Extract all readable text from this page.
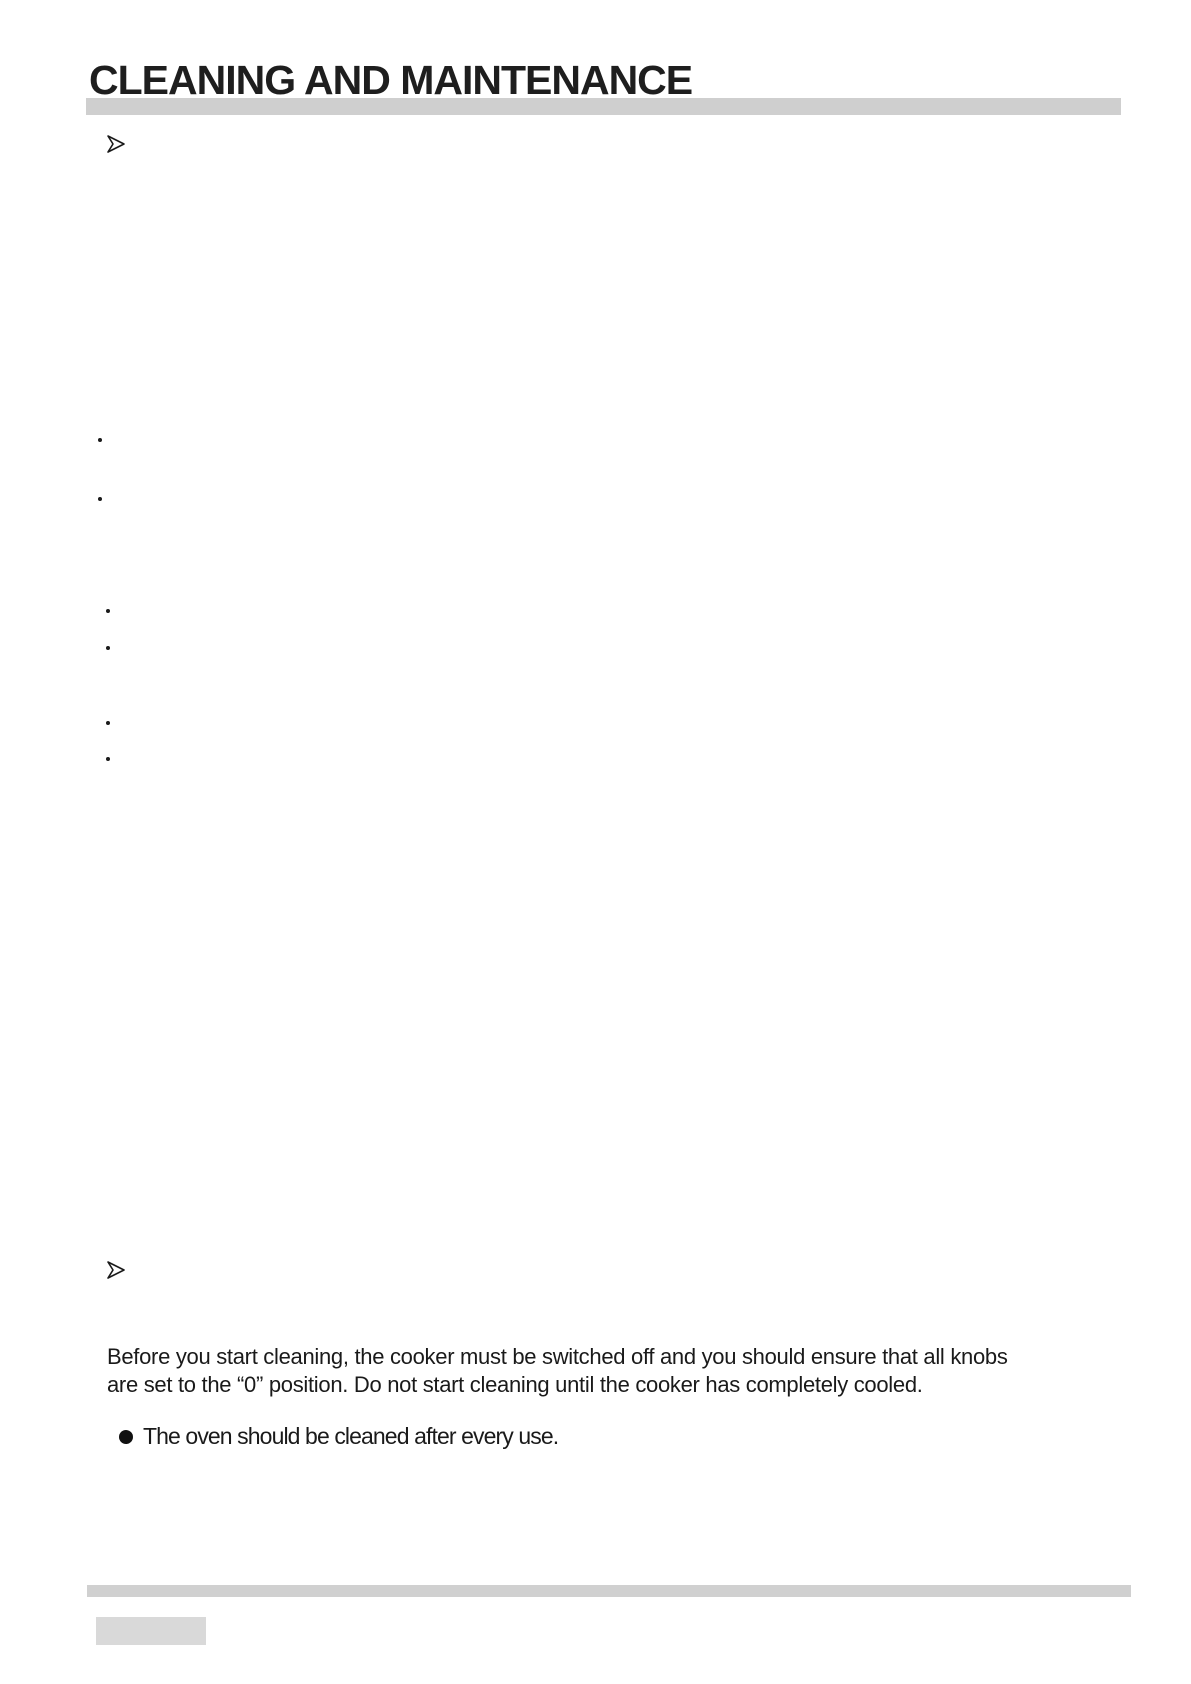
CLEANING AND MAINTENANCE

Before you start cleaning, the cooker must be switched off and you should ensure that all knobs
are set to the “0” position. Do not start cleaning until the cooker has completely cooled.

The oven should be cleaned after every use.
